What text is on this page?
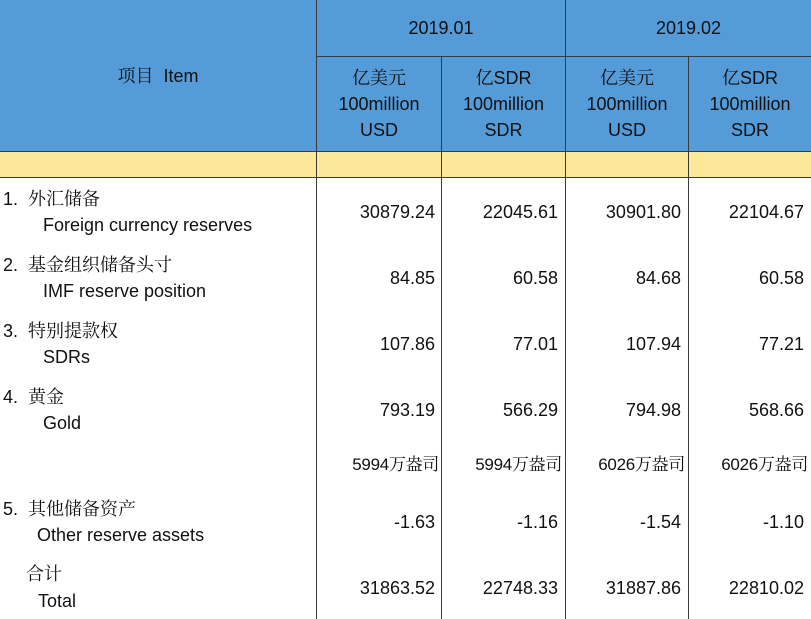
项目  Item
2019.01	2019.02
亿美元
100million
USD
亿SDR
100million
SDR
亿美元
100million
USD
亿SDR
100million
SDR
1.  外汇储备
Foreign currency reserves
30879.24	22045.61	30901.80	22104.67
2.  基金组织储备头寸
IMF reserve position
84.85	60.58	84.68	60.58
3.  特别提款权
SDRs
107.86	77.01	107.94	77.21
4.  黄金
Gold
793.19	566.29	794.98	568.66
5994万盎司 5994万盎司 6026万盎司 6026万盎司
5.  其他储备资产
Other reserve assets
-1.63	-1.16	-1.54	-1.10
合计
Total
31863.52	22748.33	31887.86	22810.02
